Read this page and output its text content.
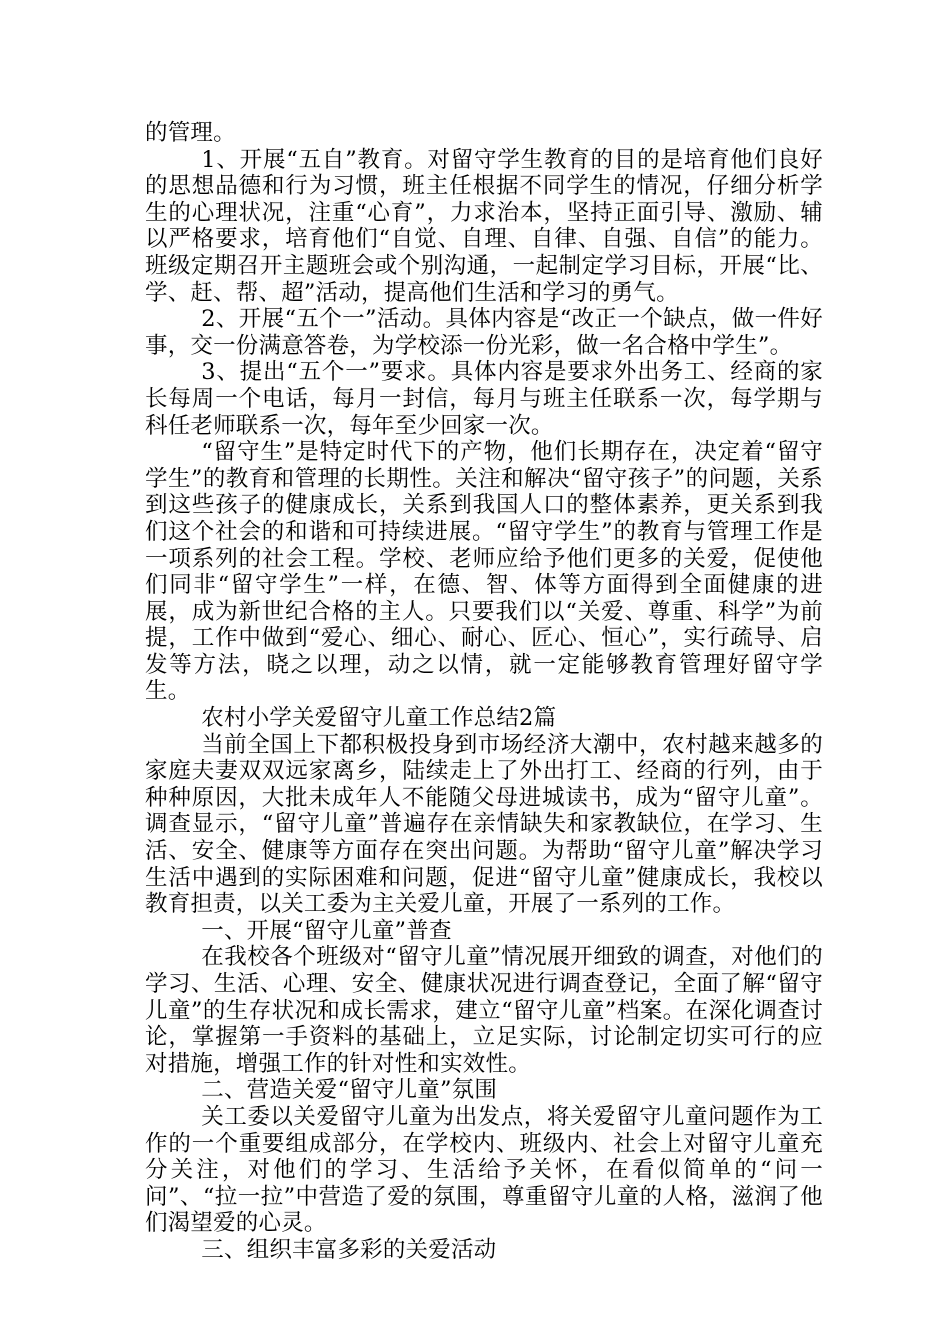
的管理。

1、开展“五自”教育。对留守学生教育的目的是培育他们良好的思想品德和行为习惯，班主任根据不同学生的情况，仔细分析学生的心理状况，注重“心育”，力求治本，坚持正面引导、激励、辅以严格要求，培育他们“自觉、自理、自律、自强、自信”的能力。班级定期召开主题班会或个别沟通，一起制定学习目标，开展“比、学、赶、帮、超”活动，提高他们生活和学习的勇气。

2、开展“五个一”活动。具体内容是“改正一个缺点，做一件好事，交一份满意答卷，为学校添一份光彩，做一名合格中学生”。

3、提出“五个一”要求。具体内容是要求外出务工、经商的家长每周一个电话，每月一封信，每月与班主任联系一次，每学期与科任老师联系一次，每年至少回家一次。

“留守生”是特定时代下的产物，他们长期存在，决定着“留守学生”的教育和管理的长期性。关注和解决“留守孩子”的问题，关系到这些孩子的健康成长，关系到我国人口的整体素养，更关系到我们这个社会的和谐和可持续进展。“留守学生”的教育与管理工作是一项系列的社会工程。学校、老师应给予他们更多的关爱，促使他们同非“留守学生”一样，在德、智、体等方面得到全面健康的进展，成为新世纪合格的主人。只要我们以“关爱、尊重、科学”为前提，工作中做到“爱心、细心、耐心、匠心、恒心”，实行疏导、启发等方法，晓之以理，动之以情，就一定能够教育管理好留守学生。

农村小学关爱留守儿童工作总结2篇

当前全国上下都积极投身到市场经济大潮中，农村越来越多的家庭夫妻双双远家离乡，陆续走上了外出打工、经商的行列，由于种种原因，大批未成年人不能随父母进城读书，成为“留守儿童”。调查显示，“留守儿童”普遍存在亲情缺失和家教缺位，在学习、生活、安全、健康等方面存在突出问题。为帮助“留守儿童”解决学习生活中遇到的实际困难和问题，促进“留守儿童”健康成长，我校以教育担责，以关工委为主关爱儿童，开展了一系列的工作。

一、开展“留守儿童”普查

在我校各个班级对“留守儿童”情况展开细致的调查，对他们的学习、生活、心理、安全、健康状况进行调查登记，全面了解“留守儿童”的生存状况和成长需求，建立“留守儿童”档案。在深化调查讨论，掌握第一手资料的基础上，立足实际，讨论制定切实可行的应对措施，增强工作的针对性和实效性。

二、营造关爱“留守儿童”氛围

关工委以关爱留守儿童为出发点，将关爱留守儿童问题作为工作的一个重要组成部分，在学校内、班级内、社会上对留守儿童充分关注，对他们的学习、生活给予关怀，在看似简单的“问一问”、“拉一拉”中营造了爱的氛围，尊重留守儿童的人格，滋润了他们渴望爱的心灵。

三、组织丰富多彩的关爱活动
